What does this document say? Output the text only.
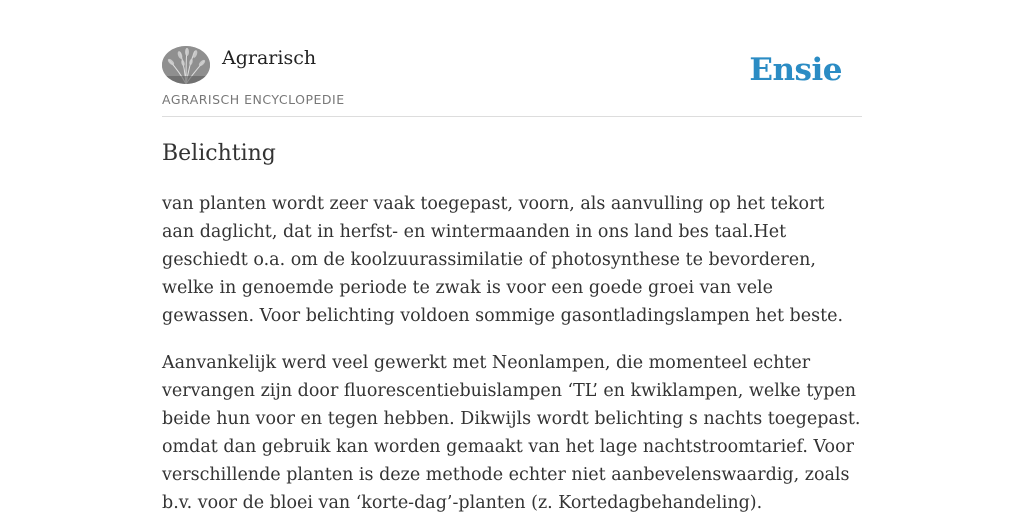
Agrarisch

AGRARISCH ENCYCLOPEDIE

Ensie
Belichting

van planten wordt zeer vaak toegepast, voorn, als aanvulling op het tekort aan daglicht, dat in herfst- en wintermaanden in ons land bes taal.Het geschiedt o.a. om de koolzuurassimilatie of photosynthese te bevorderen, welke in genoemde periode te zwak is voor een goede groei van vele gewassen. Voor belichting voldoen sommige gasontladingslampen het beste.

Aanvankelijk werd veel gewerkt met Neonlampen, die momenteel echter vervangen zijn door fluorescentiebuislampen ‘TL’ en kwiklampen, welke typen beide hun voor en tegen hebben. Dikwijls wordt belichting s nachts toegepast. omdat dan gebruik kan worden gemaakt van het lage nachtstroomtarief. Voor verschillende planten is deze methode echter niet aanbevelenswaardig, zoals b.v. voor de bloei van ‘korte-dag’-planten (z. Kortedagbehandeling).
